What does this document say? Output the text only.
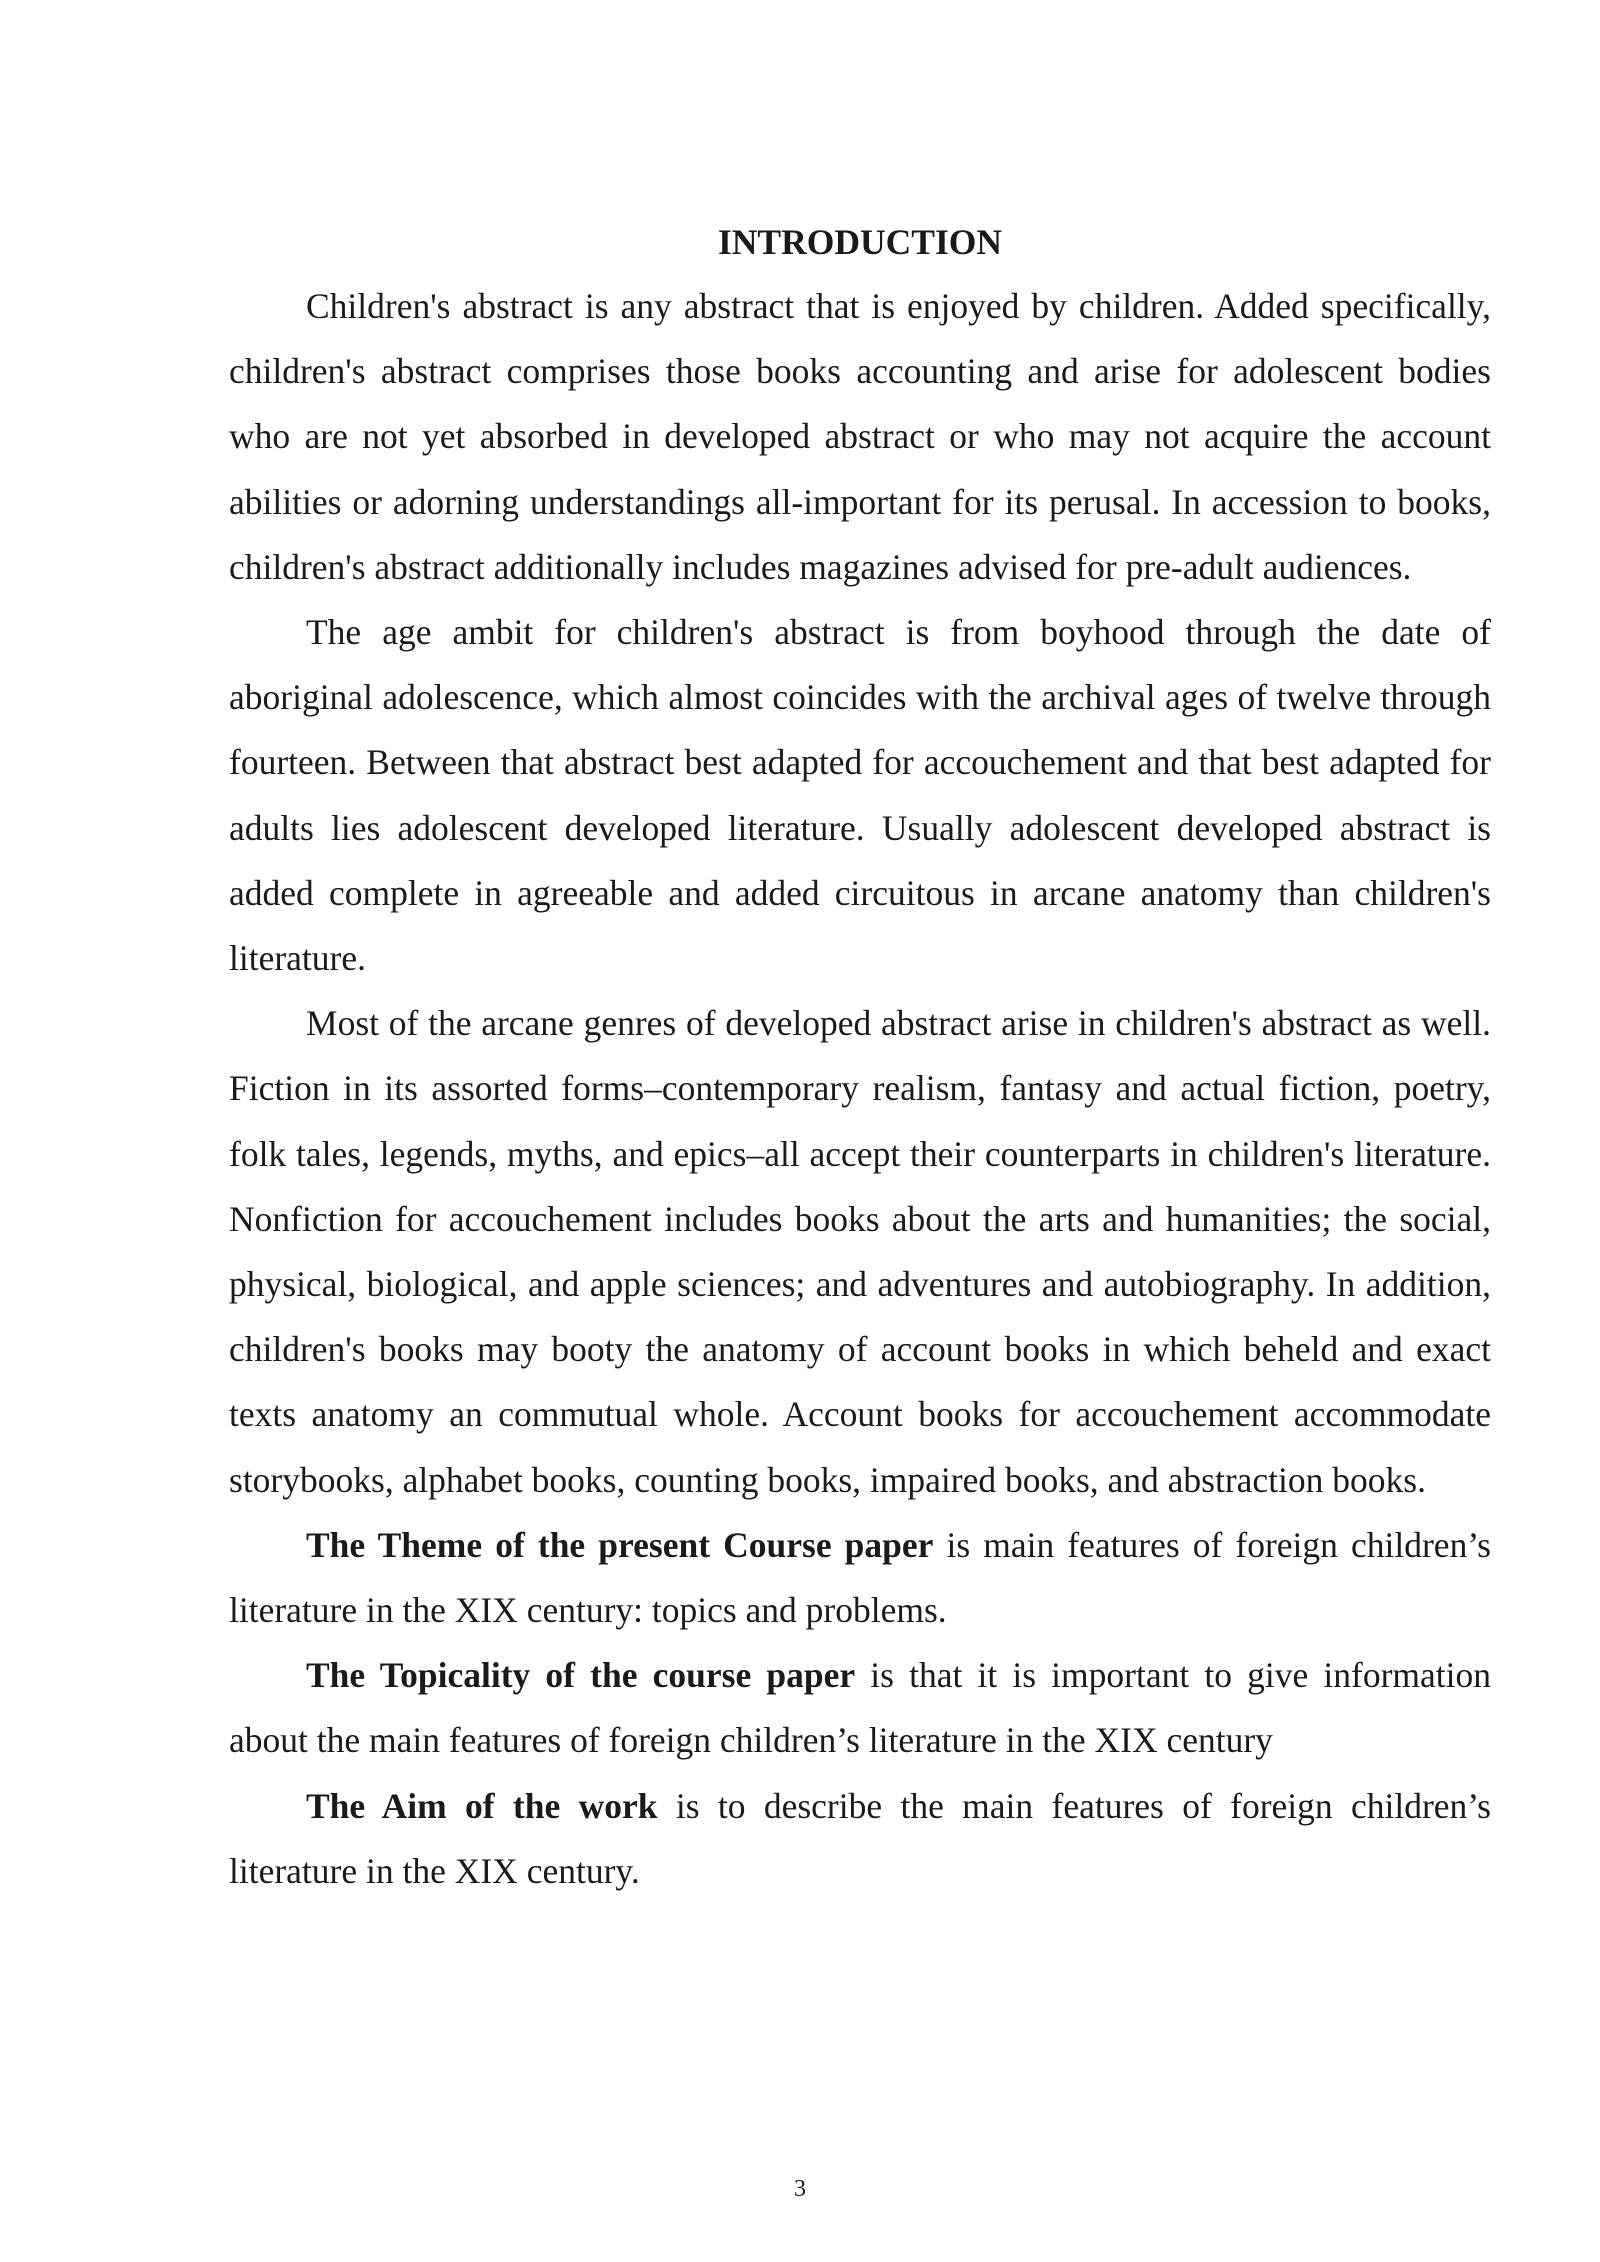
INTRODUCTION

Children's abstract is any abstract that is enjoyed by children. Added specifically, children's abstract comprises those books accounting and arise for adolescent bodies who are not yet absorbed in developed abstract or who may not acquire the account abilities or adorning understandings all-important for its perusal. In accession to books, children's abstract additionally includes magazines advised for pre-adult audiences.

The age ambit for children's abstract is from boyhood through the date of aboriginal adolescence, which almost coincides with the archival ages of twelve through fourteen. Between that abstract best adapted for accouchement and that best adapted for adults lies adolescent developed literature. Usually adolescent developed abstract is added complete in agreeable and added circuitous in arcane anatomy than children's literature.

Most of the arcane genres of developed abstract arise in children's abstract as well. Fiction in its assorted forms–contemporary realism, fantasy and actual fiction, poetry, folk tales, legends, myths, and epics–all accept their counterparts in children's literature. Nonfiction for accouchement includes books about the arts and humanities; the social, physical, biological, and apple sciences; and adventures and autobiography. In addition, children's books may booty the anatomy of account books in which beheld and exact texts anatomy an commutual whole. Account books for accouchement accommodate storybooks, alphabet books, counting books, impaired books, and abstraction books.

The Theme of the present Course paper is main features of foreign children’s literature in the XIX century: topics and problems.

The Topicality of the course paper is that it is important to give information about the main features of foreign children’s literature in the XIX century

The Aim of the work is to describe the main features of foreign children’s literature in the XIX century.

3
